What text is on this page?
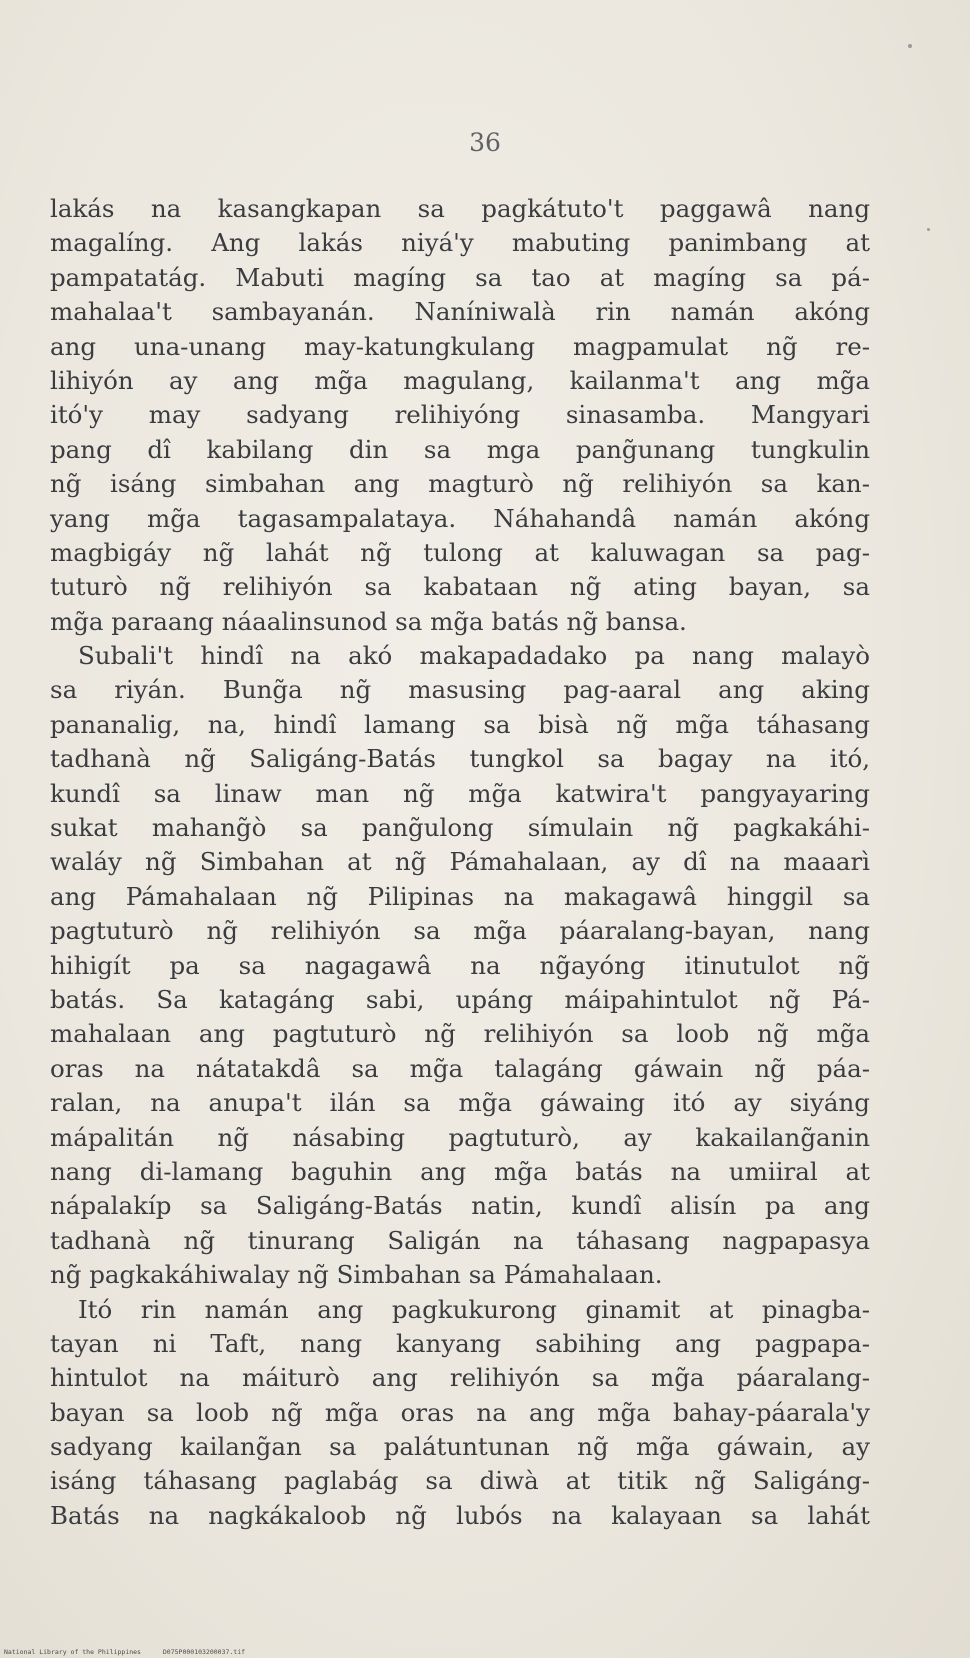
36
lakás na kasangkapan sa pagkátuto't paggawâ nang
magalíng. Ang lakás niyá'y mabuting panimbang at
pampatatág. Mabuti magíng sa tao at magíng sa pá-
mahalaa't sambayanán. Naníniwalà rin namán akóng
ang una-unang may-katungkulang magpamulat ng̃ re-
lihiyón ay ang mg̃a magulang, kailanma't ang mg̃a
itó'y may sadyang relihiyóng sinasamba. Mangyari
pang dî kabilang din sa mga pang̃unang tungkulin
ng̃ isáng simbahan ang magturò ng̃ relihiyón sa kan-
yang mg̃a tagasampalataya. Náhahandâ namán akóng
magbigáy ng̃ lahát ng̃ tulong at kaluwagan sa pag-
tuturò ng̃ relihiyón sa kabataan ng̃ ating bayan, sa
mg̃a paraang náaalinsunod sa mg̃a batás ng̃ bansa.
Subali't hindî na akó makapadadako pa nang malayò
sa riyán. Bung̃a ng̃ masusing pag-aaral ang aking
pananalig, na, hindî lamang sa bisà ng̃ mg̃a táhasang
tadhanà ng̃ Saligáng-Batás tungkol sa bagay na itó,
kundî sa linaw man ng̃ mg̃a katwira't pangyayaring
sukat mahang̃ò sa pang̃ulong símulain ng̃ pagkakáhi-
waláy ng̃ Simbahan at ng̃ Pámahalaan, ay dî na maaarì
ang Pámahalaan ng̃ Pilipinas na makagawâ hinggil sa
pagtuturò ng̃ relihiyón sa mg̃a páaralang-bayan, nang
hihigít pa sa nagagawâ na ng̃ayóng itinutulot ng̃
batás. Sa katagáng sabi, upáng máipahintulot ng̃ Pá-
mahalaan ang pagtuturò ng̃ relihiyón sa loob ng̃ mg̃a
oras na nátatakdâ sa mg̃a talagáng gáwain ng̃ páa-
ralan, na anupa't ilán sa mg̃a gáwaing itó ay siyáng
mápalitán ng̃ násabing pagtuturò, ay kakailang̃anin
nang di-lamang baguhin ang mg̃a batás na umiiral at
nápalakíp sa Saligáng-Batás natin, kundî alisín pa ang
tadhanà ng̃ tinurang Saligán na táhasang nagpapasya
ng̃ pagkakáhiwalay ng̃ Simbahan sa Pámahalaan.
Itó rin namán ang pagkukurong ginamit at pinagba-
tayan ni Taft, nang kanyang sabihing ang pagpapa-
hintulot na máiturò ang relihiyón sa mg̃a páaralang-
bayan sa loob ng̃ mg̃a oras na ang mg̃a bahay-páarala'y
sadyang kailang̃an sa palátuntunan ng̃ mg̃a gáwain, ay
isáng táhasang paglabág sa diwà at titik ng̃ Saligáng-
Batás na nagkákaloob ng̃ lubós na kalayaan sa lahát
National Library of the Philippines	D075P000103200037.tif
